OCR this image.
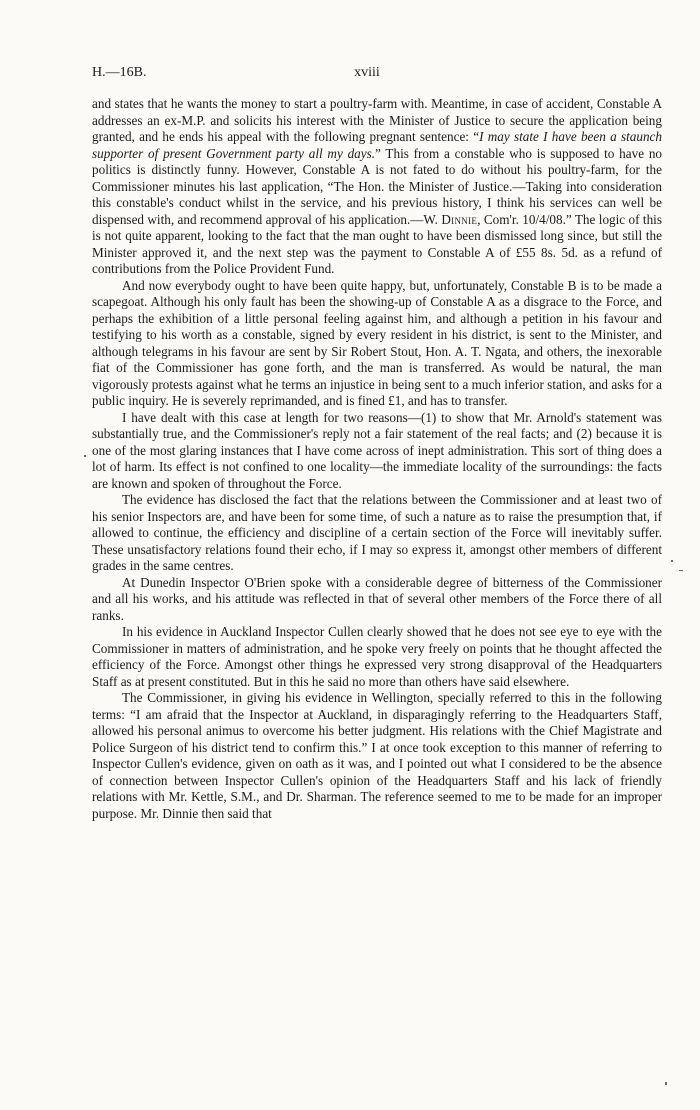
H.—16B.	xviii

and states that he wants the money to start a poultry-farm with. Meantime, in case of accident, Constable A addresses an ex-M.P. and solicits his interest with the Minister of Justice to secure the application being granted, and he ends his appeal with the following pregnant sentence: “I may state I have been a staunch supporter of present Government party all my days.” This from a constable who is supposed to have no politics is distinctly funny. However, Constable A is not fated to do without his poultry-farm, for the Commissioner minutes his last application, “The Hon. the Minister of Justice.—Taking into consideration this constable's conduct whilst in the service, and his previous history, I think his services can well be dispensed with, and recommend approval of his application.—W. Dinnie, Com'r. 10/4/08.” The logic of this is not quite apparent, looking to the fact that the man ought to have been dismissed long since, but still the Minister approved it, and the next step was the payment to Constable A of £55 8s. 5d. as a refund of contributions from the Police Provident Fund.

And now everybody ought to have been quite happy, but, unfortunately, Constable B is to be made a scapegoat. Although his only fault has been the showing-up of Constable A as a disgrace to the Force, and perhaps the exhibition of a little personal feeling against him, and although a petition in his favour and testifying to his worth as a constable, signed by every resident in his district, is sent to the Minister, and although telegrams in his favour are sent by Sir Robert Stout, Hon. A. T. Ngata, and others, the inexorable fiat of the Commissioner has gone forth, and the man is transferred. As would be natural, the man vigorously protests against what he terms an injustice in being sent to a much inferior station, and asks for a public inquiry. He is severely reprimanded, and is fined £1, and has to transfer.

I have dealt with this case at length for two reasons—(1) to show that Mr. Arnold's statement was substantially true, and the Commissioner's reply not a fair statement of the real facts; and (2) because it is one of the most glaring instances that I have come across of inept administration. This sort of thing does a lot of harm. Its effect is not confined to one locality—the immediate locality of the surroundings: the facts are known and spoken of throughout the Force.

The evidence has disclosed the fact that the relations between the Commissioner and at least two of his senior Inspectors are, and have been for some time, of such a nature as to raise the presumption that, if allowed to continue, the efficiency and discipline of a certain section of the Force will inevitably suffer. These unsatisfactory relations found their echo, if I may so express it, amongst other members of different grades in the same centres.

At Dunedin Inspector O'Brien spoke with a considerable degree of bitterness of the Commissioner and all his works, and his attitude was reflected in that of several other members of the Force there of all ranks.

In his evidence in Auckland Inspector Cullen clearly showed that he does not see eye to eye with the Commissioner in matters of administration, and he spoke very freely on points that he thought affected the efficiency of the Force. Amongst other things he expressed very strong disapproval of the Headquarters Staff as at present constituted. But in this he said no more than others have said elsewhere.

The Commissioner, in giving his evidence in Wellington, specially referred to this in the following terms: “I am afraid that the Inspector at Auckland, in disparagingly referring to the Headquarters Staff, allowed his personal animus to overcome his better judgment. His relations with the Chief Magistrate and Police Surgeon of his district tend to confirm this.” I at once took exception to this manner of referring to Inspector Cullen's evidence, given on oath as it was, and I pointed out what I considered to be the absence of connection between Inspector Cullen's opinion of the Headquarters Staff and his lack of friendly relations with Mr. Kettle, S.M., and Dr. Sharman. The reference seemed to me to be made for an improper purpose. Mr. Dinnie then said that
